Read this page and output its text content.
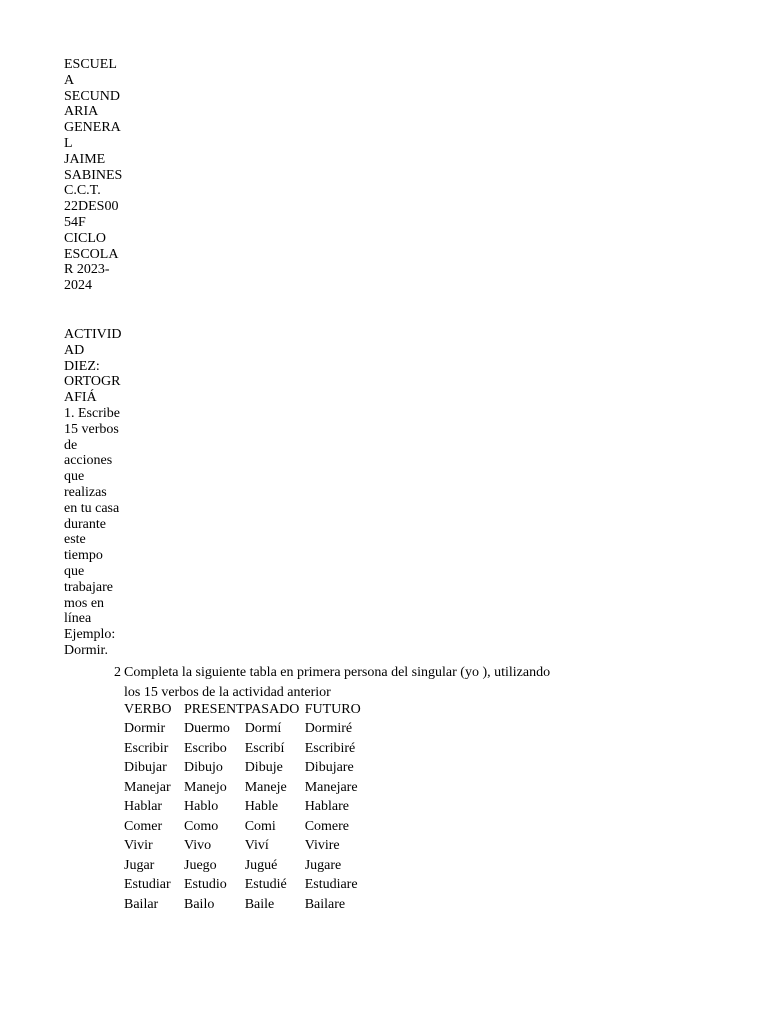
ESCUEL
A
SECUND
ARIA
GENERA
L
JAIME
SABINES
C.C.T.
22DES00
54F
CICLO
ESCOLA
R 2023-
2024
ACTIVID
AD
DIEZ:
ORTOGR
AFIÁ
1. Escribe
15 verbos
de
acciones
que
realizas
en tu casa
durante
este
tiempo
que
trabajare
mos en
línea
Ejemplo:
Dormir.
2 Completa la siguiente tabla en primera persona del singular (yo ), utilizando
los 15 verbos de la actividad anterior
VERBO	PRESENT	PASADO	FUTURO
Dormir	Duermo	Dormí	Dormiré
Escribir	Escribo	Escribí	Escribiré
Dibujar	Dibujo	Dibuje	Dibujare
Manejar	Manejo	Maneje	Manejare
Hablar	Hablo	Hable	Hablare
Comer	Como	Comi	Comere
Vivir	Vivo	Viví	Vivire
Jugar	Juego	Jugué	Jugare
Estudiar	Estudio	Estudié	Estudiare
Bailar	Bailo	Baile	Bailare
